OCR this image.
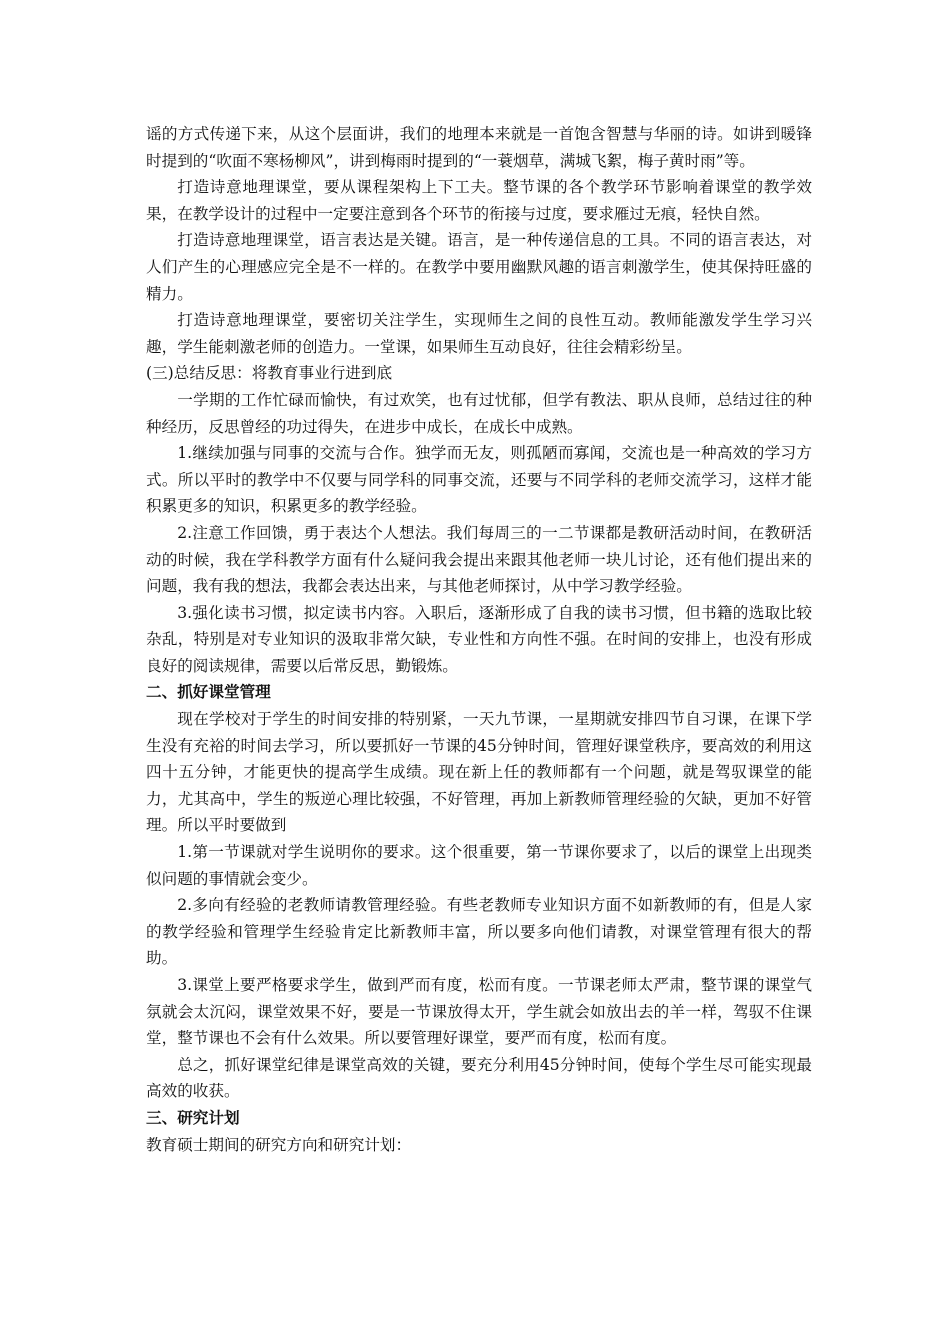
谣的方式传递下来，从这个层面讲，我们的地理本来就是一首饱含智慧与华丽的诗。如讲到暖锋时提到的“吹面不寒杨柳风”，讲到梅雨时提到的“一蓑烟草，满城飞絮，梅子黄时雨”等。

打造诗意地理课堂，要从课程架构上下工夫。整节课的各个教学环节影响着课堂的教学效果，在教学设计的过程中一定要注意到各个环节的衔接与过度，要求雁过无痕，轻快自然。

打造诗意地理课堂，语言表达是关键。语言，是一种传递信息的工具。不同的语言表达，对人们产生的心理感应完全是不一样的。在教学中要用幽默风趣的语言刺激学生，使其保持旺盛的精力。

打造诗意地理课堂，要密切关注学生，实现师生之间的良性互动。教师能激发学生学习兴趣，学生能刺激老师的创造力。一堂课，如果师生互动良好，往往会精彩纷呈。

(三)总结反思：将教育事业行进到底

一学期的工作忙碌而愉快，有过欢笑，也有过忧郁，但学有教法、职从良师，总结过往的种种经历，反思曾经的功过得失，在进步中成长，在成长中成熟。

1.继续加强与同事的交流与合作。独学而无友，则孤陋而寡闻，交流也是一种高效的学习方式。所以平时的教学中不仅要与同学科的同事交流，还要与不同学科的老师交流学习，这样才能积累更多的知识，积累更多的教学经验。

2.注意工作回馈，勇于表达个人想法。我们每周三的一二节课都是教研活动时间，在教研活动的时候，我在学科教学方面有什么疑问我会提出来跟其他老师一块儿讨论，还有他们提出来的问题，我有我的想法，我都会表达出来，与其他老师探讨，从中学习教学经验。

3.强化读书习惯，拟定读书内容。入职后，逐渐形成了自我的读书习惯，但书籍的选取比较杂乱，特别是对专业知识的汲取非常欠缺，专业性和方向性不强。在时间的安排上，也没有形成良好的阅读规律，需要以后常反思，勤锻炼。

二、抓好课堂管理

现在学校对于学生的时间安排的特别紧，一天九节课，一星期就安排四节自习课，在课下学生没有充裕的时间去学习，所以要抓好一节课的45分钟时间，管理好课堂秩序，要高效的利用这四十五分钟，才能更快的提高学生成绩。现在新上任的教师都有一个问题，就是驾驭课堂的能力，尤其高中，学生的叛逆心理比较强，不好管理，再加上新教师管理经验的欠缺，更加不好管理。所以平时要做到

1.第一节课就对学生说明你的要求。这个很重要，第一节课你要求了，以后的课堂上出现类似问题的事情就会变少。

2.多向有经验的老教师请教管理经验。有些老教师专业知识方面不如新教师的有，但是人家的教学经验和管理学生经验肯定比新教师丰富，所以要多向他们请教，对课堂管理有很大的帮助。

3.课堂上要严格要求学生，做到严而有度，松而有度。一节课老师太严肃，整节课的课堂气氛就会太沉闷，课堂效果不好，要是一节课放得太开，学生就会如放出去的羊一样，驾驭不住课堂，整节课也不会有什么效果。所以要管理好课堂，要严而有度，松而有度。

总之，抓好课堂纪律是课堂高效的关键，要充分利用45分钟时间，使每个学生尽可能实现最高效的收获。

三、研究计划

教育硕士期间的研究方向和研究计划：
